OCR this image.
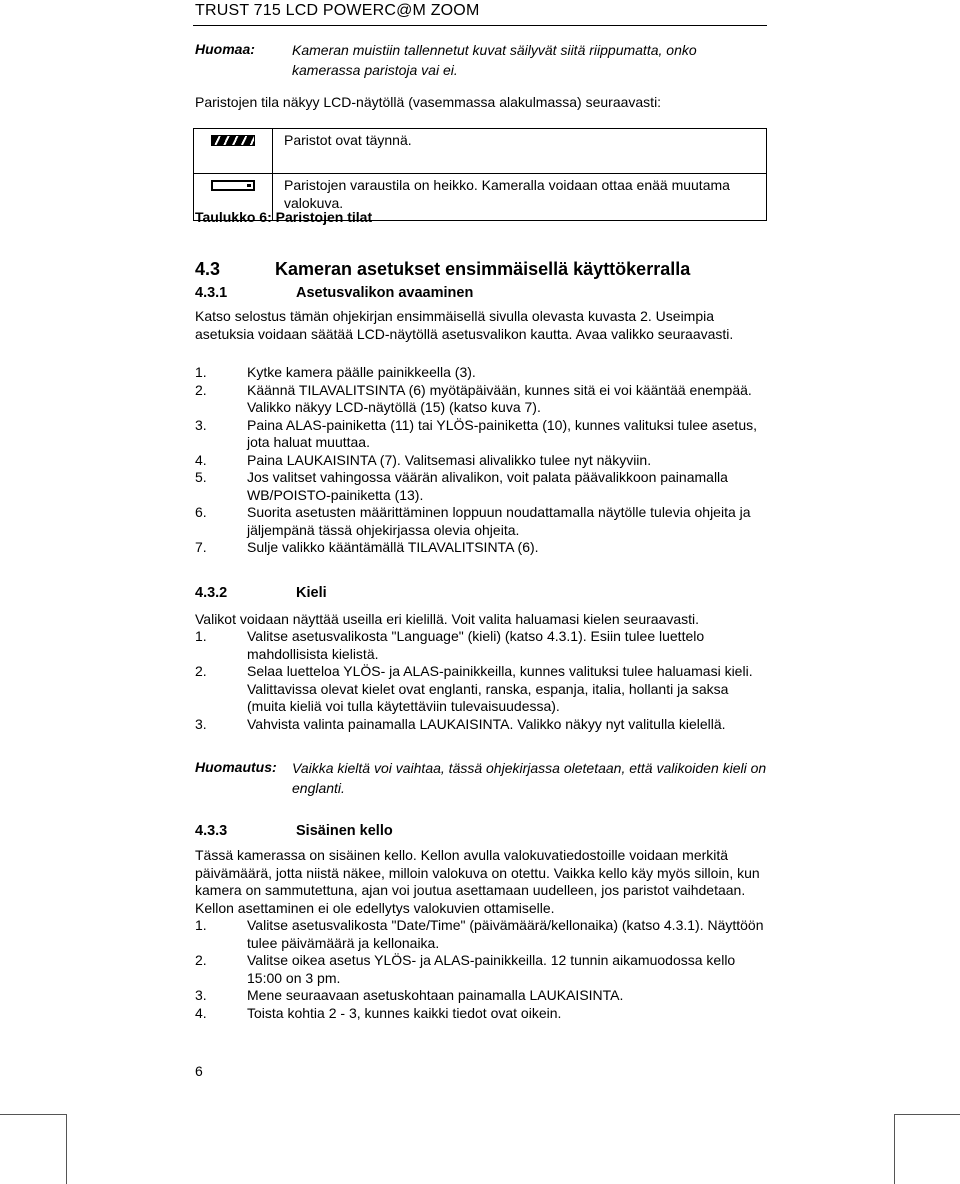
TRUST 715 LCD POWERC@M ZOOM
Huomaa:	Kameran muistiin tallennetut kuvat säilyvät siitä riippumatta, onko kamerassa paristoja vai ei.

Paristojen tila näkyy LCD-näytöllä (vasemmassa alakulmassa) seuraavasti:

	Paristot ovat täynnä.

	Paristojen varaustila on heikko. Kameralla voidaan ottaa enää muutama valokuva.
Taulukko 6: Paristojen tilat
4.3	Kameran asetukset ensimmäisellä käyttökerralla
4.3.1	Asetusvalikon avaaminen

Katso selostus tämän ohjekirjan ensimmäisellä sivulla olevasta kuvasta 2. Useimpia asetuksia voidaan säätää LCD-näytöllä asetusvalikon kautta. Avaa valikko seuraavasti.

1.	Kytke kamera päälle painikkeella (3).
2.	Käännä TILAVALITSINTA (6) myötäpäivään, kunnes sitä ei voi kääntää enempää. Valikko näkyy LCD-näytöllä (15) (katso kuva 7).
3.	Paina ALAS-painiketta (11) tai YLÖS-painiketta (10), kunnes valituksi tulee asetus, jota haluat muuttaa.
4.	Paina LAUKAISINTA (7). Valitsemasi alivalikko tulee nyt näkyviin.
5.	Jos valitset vahingossa väärän alivalikon, voit palata päävalikkoon painamalla WB/POISTO-painiketta (13).
6.	Suorita asetusten määrittäminen loppuun noudattamalla näytölle tulevia ohjeita ja jäljempänä tässä ohjekirjassa olevia ohjeita.
7.	Sulje valikko kääntämällä TILAVALITSINTA (6).
4.3.2	Kieli

Valikot voidaan näyttää useilla eri kielillä. Voit valita haluamasi kielen seuraavasti.

1.	Valitse asetusvalikosta "Language" (kieli) (katso 4.3.1). Esiin tulee luettelo mahdollisista kielistä.
2.	Selaa luetteloa YLÖS- ja ALAS-painikkeilla, kunnes valituksi tulee haluamasi kieli. Valittavissa olevat kielet ovat englanti, ranska, espanja, italia, hollanti ja saksa (muita kieliä voi tulla käytettäviin tulevaisuudessa).
3.	Vahvista valinta painamalla LAUKAISINTA. Valikko näkyy nyt valitulla kielellä.
Huomautus: Vaikka kieltä voi vaihtaa, tässä ohjekirjassa oletetaan, että valikoiden kieli on englanti.
4.3.3	Sisäinen kello

Tässä kamerassa on sisäinen kello. Kellon avulla valokuvatiedostoille voidaan merkitä päivämäärä, jotta niistä näkee, milloin valokuva on otettu. Vaikka kello käy myös silloin, kun kamera on sammutettuna, ajan voi joutua asettamaan uudelleen, jos paristot vaihdetaan. Kellon asettaminen ei ole edellytys valokuvien ottamiselle.

1.	Valitse asetusvalikosta "Date/Time" (päivämäärä/kellonaika) (katso 4.3.1). Näyttöön tulee päivämäärä ja kellonaika.
2.	Valitse oikea asetus YLÖS- ja ALAS-painikkeilla. 12 tunnin aikamuodossa kello 15:00 on 3 pm.
3.	Mene seuraavaan asetuskohtaan painamalla LAUKAISINTA.
4.	Toista kohtia 2 - 3, kunnes kaikki tiedot ovat oikein.
6
